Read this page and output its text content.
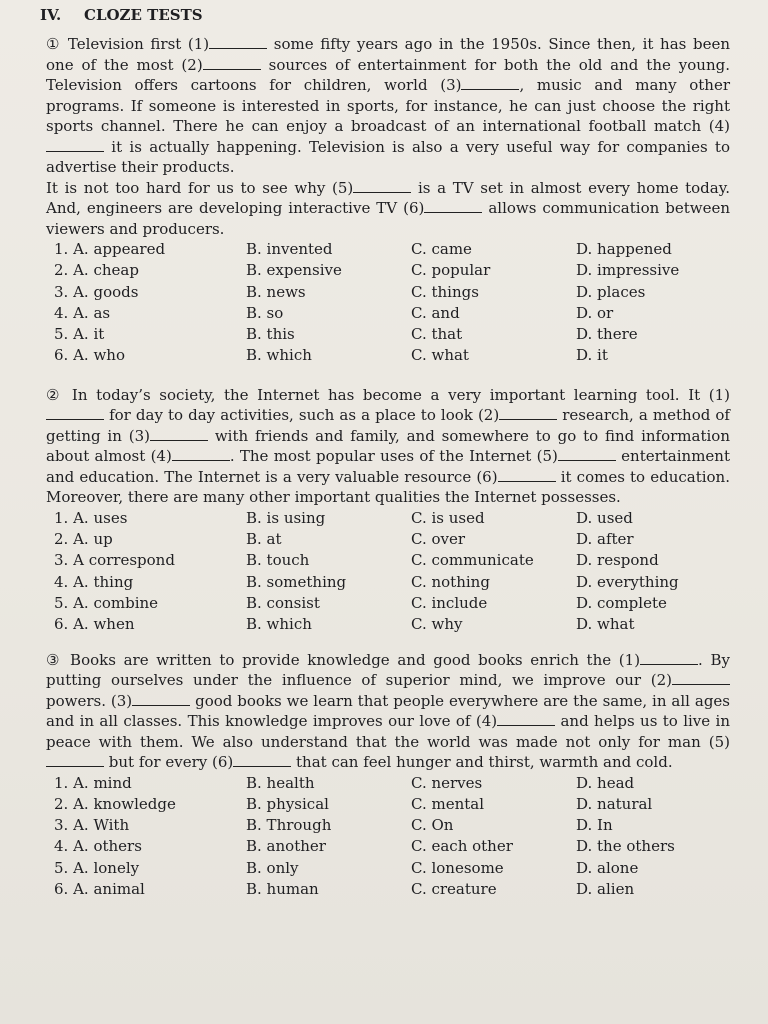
IV. CLOZE TESTS

① Television first (1)	some fifty years ago in the 1950s. Since then, it has been one of the most (2)	sources of entertainment for both the old and the young. Television offers cartoons for children, world (3)	, music and many other programs. If someone is interested in sports, for instance, he can just choose the right sports channel. There he can enjoy a broadcast of an international football match (4) it is actually happening. Television is also a very useful way for companies to advertise their products.
It is not too hard for us to see why (5)	is a TV set in almost every home today. And, engineers are developing interactive TV (6)	allows communication between viewers and producers.

1. A. appeared	B. invented	C. came	D. happened
2. A. cheap	B. expensive	C. popular	D. impressive
3. A. goods	B. news	C. things	D. places
4. A. as	B. so	C. and	D. or
5. A. it	B. this	C. that	D. there
6. A. who	B. which	C. what	D. it

② In today’s society, the Internet has become a very important learning tool. It (1) for day to day activities, such as a place to look (2)	research, a method of getting in (3)	with friends and family, and somewhere to go to find information about almost (4)	. The most popular uses of the Internet (5)	entertainment and education. The Internet is a very valuable resource (6)	it comes to education. Moreover, there are many other important qualities the Internet possesses.

1. A. uses	B. is using	C. is used	D. used
2. A. up	B. at	C. over	D. after
3. A correspond	B. touch	C. communicate	D. respond
4. A. thing	B. something	C. nothing	D. everything
5. A. combine	B. consist	C. include	D. complete
6. A. when	B. which	C. why	D. what

③ Books are written to provide knowledge and good books enrich the (1)	. By putting ourselves under the influence of superior mind, we improve our (2) powers. (3)	good books we learn that people everywhere are the same, in all ages and in all classes. This knowledge improves our love of (4)	and helps us to live in peace with them. We also understand that the world was made not only for man (5) but for every (6)	that can feel hunger and thirst, warmth and cold.

1. A. mind	B. health	C. nerves	D. head
2. A. knowledge	B. physical	C. mental	D. natural
3. A. With	B. Through	C. On	D. In
4. A. others	B. another	C. each other	D. the others
5. A. lonely	B. only	C. lonesome	D. alone
6. A. animal	B. human	C. creature	D. alien
